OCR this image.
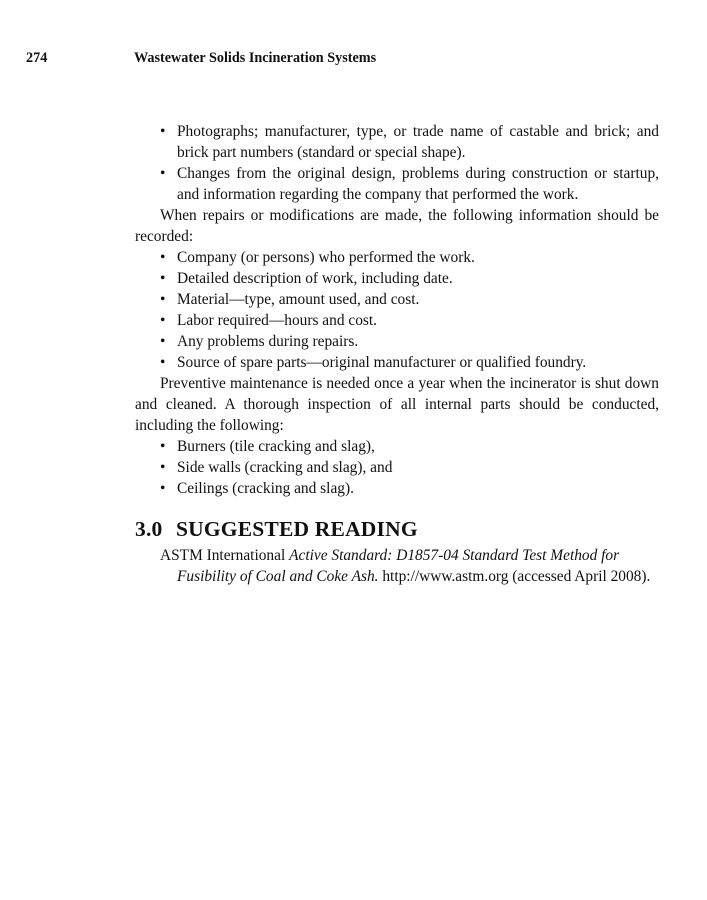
274	Wastewater Solids Incineration Systems
• Photographs; manufacturer, type, or trade name of castable and brick; and brick part numbers (standard or special shape).
• Changes from the original design, problems during construction or startup, and information regarding the company that performed the work.

When repairs or modifications are made, the following information should be recorded:

• Company (or persons) who performed the work.
• Detailed description of work, including date.
• Material—type, amount used, and cost.
• Labor required—hours and cost.
• Any problems during repairs.
• Source of spare parts—original manufacturer or qualified foundry.

Preventive maintenance is needed once a year when the incinerator is shut down and cleaned. A thorough inspection of all internal parts should be conducted, including the following:

• Burners (tile cracking and slag),
• Side walls (cracking and slag), and
• Ceilings (cracking and slag).
3.0 SUGGESTED READING

ASTM International Active Standard: D1857-04 Standard Test Method for Fusibility of Coal and Coke Ash. http://www.astm.org (accessed April 2008).
